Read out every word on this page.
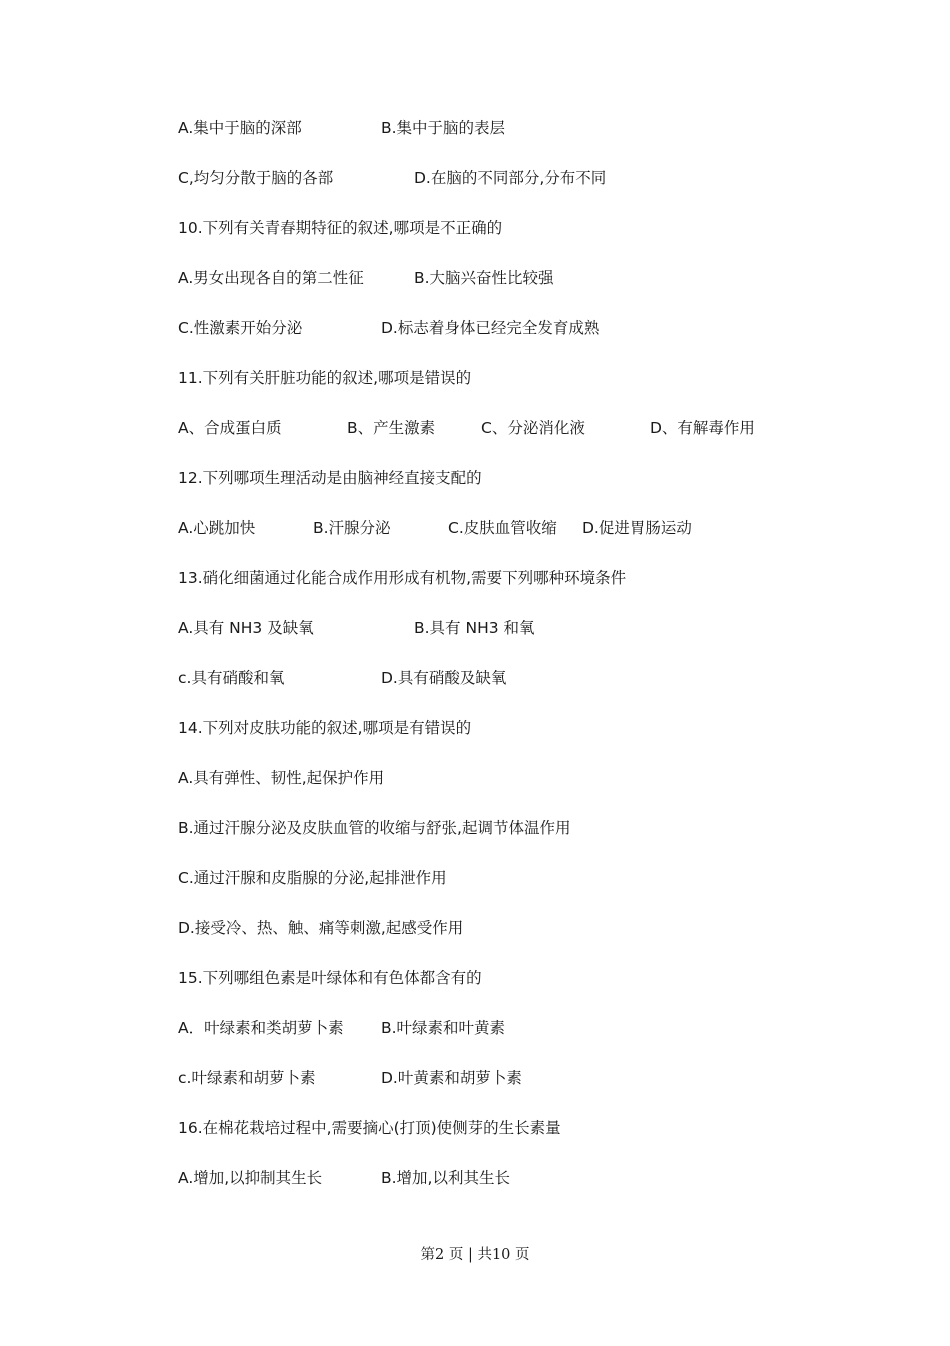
A.集中于脑的深部	B.集中于脑的表层
C,均匀分散于脑的各部	D.在脑的不同部分,分布不同
10.下列有关青春期特征的叙述,哪项是不正确的
A.男女出现各自的第二性征	B.大脑兴奋性比较强
C.性激素开始分泌	D.标志着身体已经完全发育成熟
11.下列有关肝脏功能的叙述,哪项是错误的
A、合成蛋白质	B、产生激素	C、分泌消化液	D、有解毒作用
12.下列哪项生理活动是由脑神经直接支配的
A.心跳加快	B.汗腺分泌	C.皮肤血管收缩 D.促进胃肠运动
13.硝化细菌通过化能合成作用形成有机物,需要下列哪种环境条件
A.具有 NH3 及缺氧	B.具有 NH3 和氧
c.具有硝酸和氧	D.具有硝酸及缺氧
14.下列对皮肤功能的叙述,哪项是有错误的
A.具有弹性、韧性,起保护作用
B.通过汗腺分泌及皮肤血管的收缩与舒张,起调节体温作用
C.通过汗腺和皮脂腺的分泌,起排泄作用
D.接受冷、热、触、痛等刺激,起感受作用
15.下列哪组色素是叶绿体和有色体都含有的
A．叶绿素和类胡萝卜素 B.叶绿素和叶黄素
c.叶绿素和胡萝卜素	D.叶黄素和胡萝卜素
16.在棉花栽培过程中,需要摘心(打顶)使侧芽的生长素量
A.增加,以抑制其生长	B.增加,以利其生长
第2 页 | 共10 页
